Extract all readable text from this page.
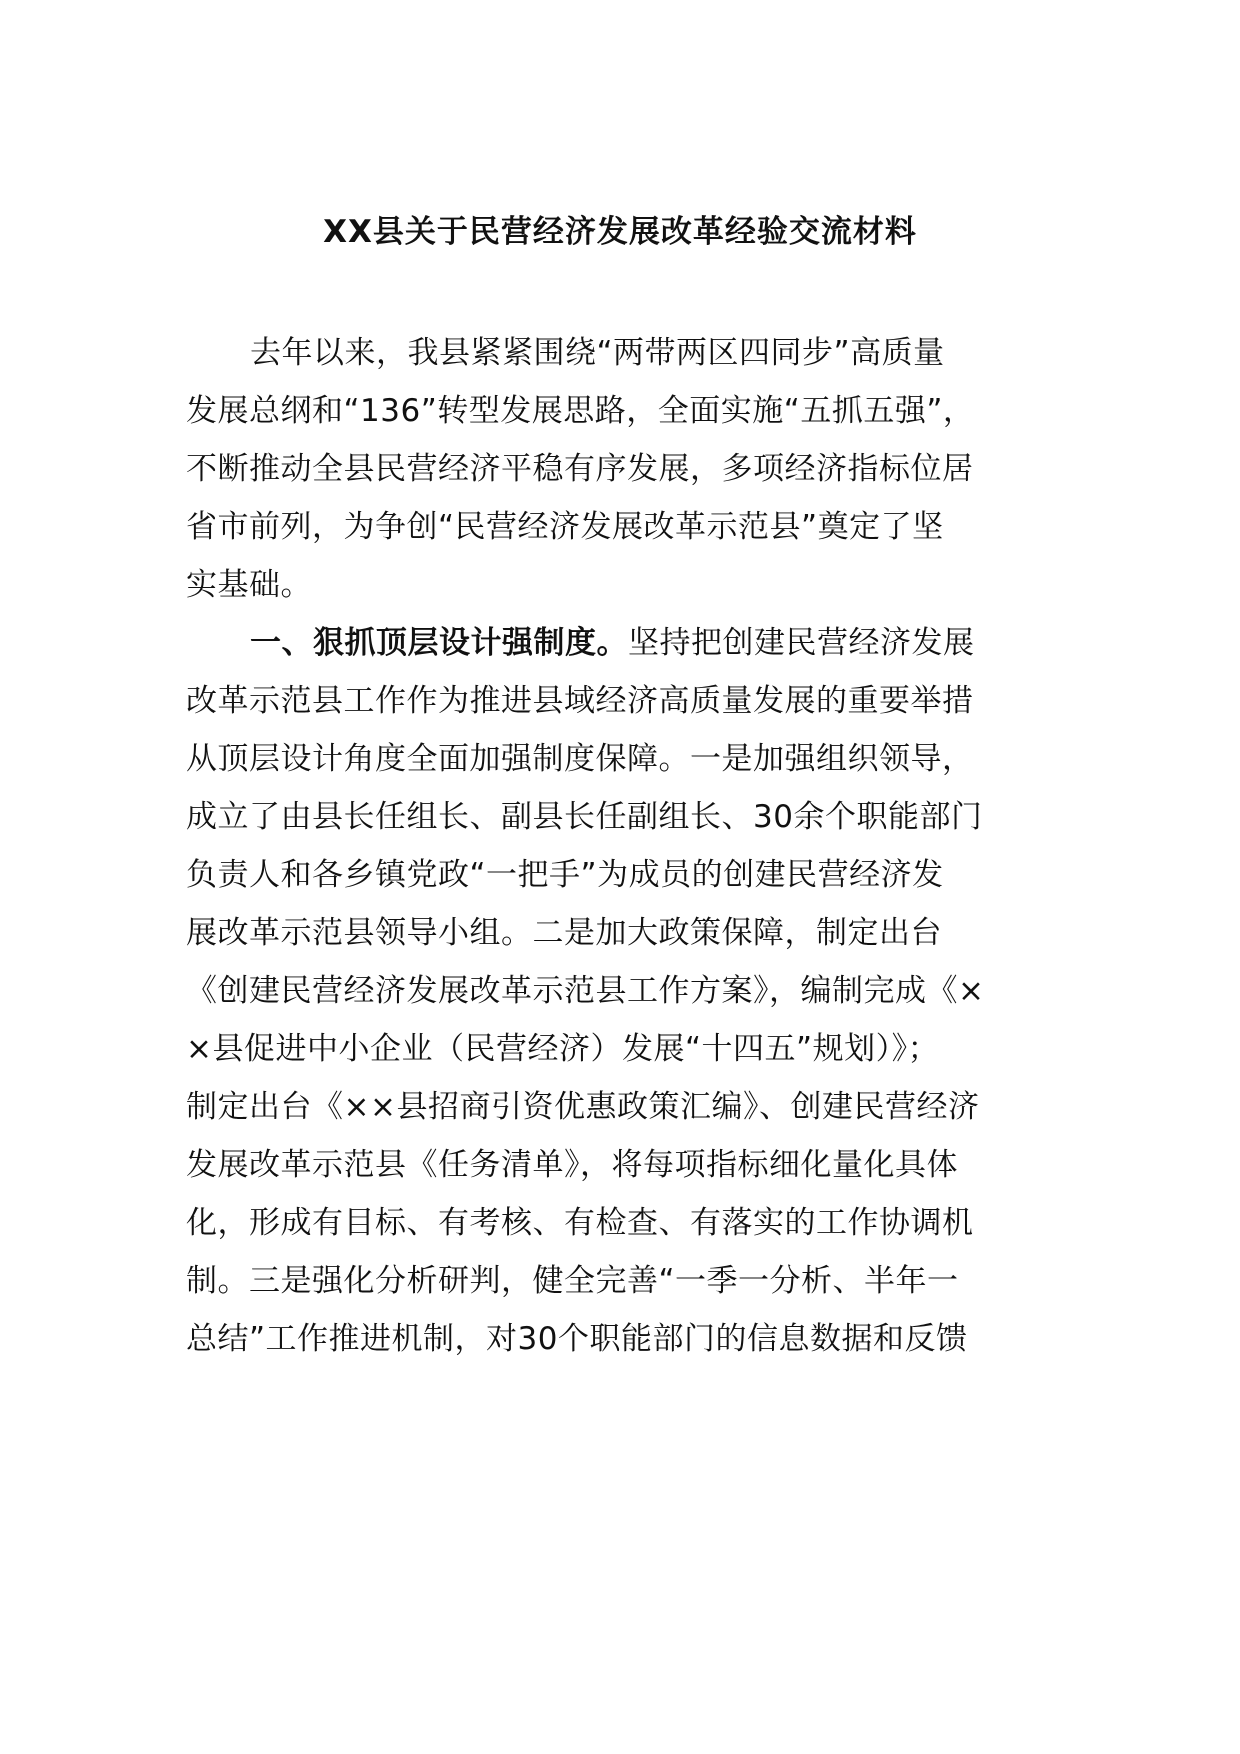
XX县关于民营经济发展改革经验交流材料
去年以来，我县紧紧围绕“两带两区四同步”高质量
发展总纲和“136”转型发展思路，全面实施“五抓五强”，
不断推动全县民营经济平稳有序发展，多项经济指标位居
省市前列，为争创“民营经济发展改革示范县”奠定了坚
实基础。
一、狠抓顶层设计强制度。坚持把创建民营经济发展
改革示范县工作作为推进县域经济高质量发展的重要举措
从顶层设计角度全面加强制度保障。一是加强组织领导，
成立了由县长任组长、副县长任副组长、30余个职能部门
负责人和各乡镇党政“一把手”为成员的创建民营经济发
展改革示范县领导小组。二是加大政策保障，制定出台
《创建民营经济发展改革示范县工作方案》，编制完成《×
×县促进中小企业（民营经济）发展“十四五”规划）》；
制定出台《××县招商引资优惠政策汇编》、创建民营经济
发展改革示范县《任务清单》，将每项指标细化量化具体
化，形成有目标、有考核、有检查、有落实的工作协调机
制。三是强化分析研判，健全完善“一季一分析、半年一
总结”工作推进机制，对30个职能部门的信息数据和反馈
